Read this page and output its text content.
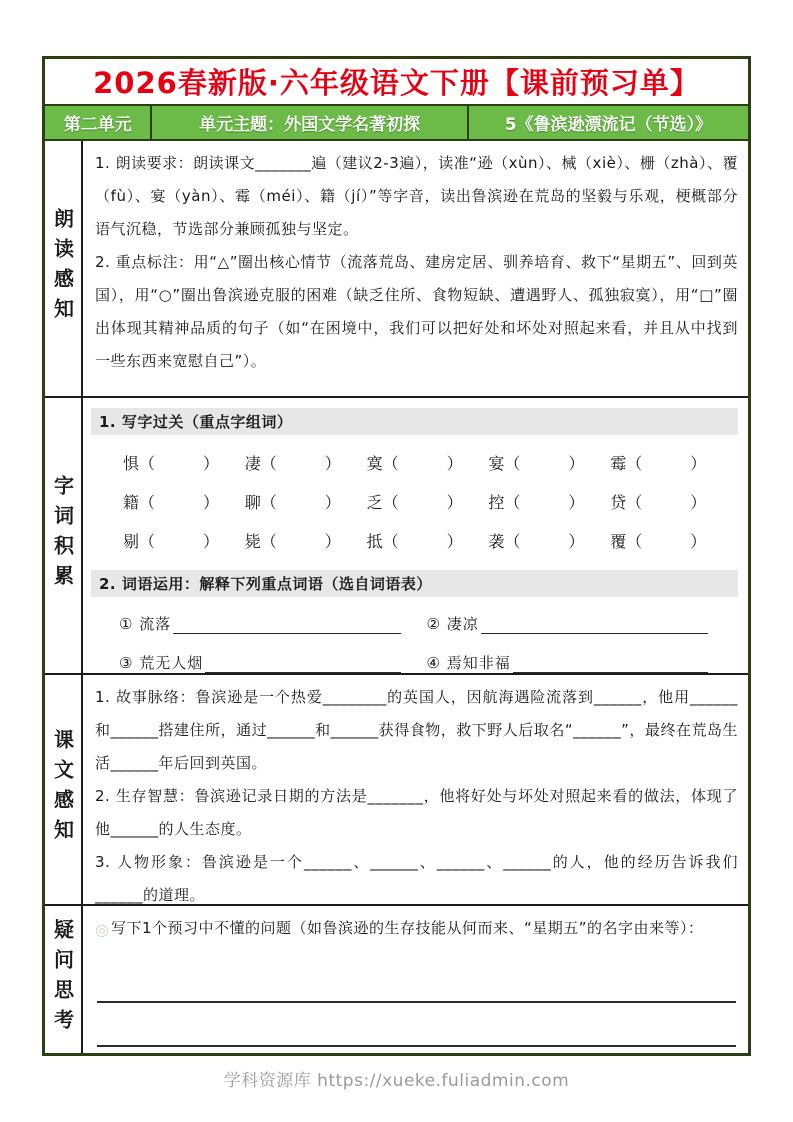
2026春新版·六年级语文下册【课前预习单】
第二单元	单元主题：外国文学名著初探	5《鲁滨逊漂流记（节选）》
朗读感知

1. 朗读要求：朗读课文_______遍（建议2-3遍），读准“逊（xùn）、械（xiè）、栅（zhà）、覆（fù）、宴（yàn）、霉（méi）、籍（jí）”等字音，读出鲁滨逊在荒岛的坚毅与乐观，梗概部分语气沉稳，节选部分兼顾孤独与坚定。

2. 重点标注：用“△”圈出核心情节（流落荒岛、建房定居、驯养培育、救下“星期五”、回到英国），用“○”圈出鲁滨逊克服的困难（缺乏住所、食物短缺、遭遇野人、孤独寂寞），用“□”圈出体现其精神品质的句子（如“在困境中，我们可以把好处和坏处对照起来看，并且从中找到一些东西来宽慰自己”）。

字词积累
1. 写字过关（重点字组词）
惧（　　　）	凄（　　　）	寞（　　　）	宴（　　　）	霉（　　　）
籍（　　　）	聊（　　　）	乏（　　　）	控（　　　）	贷（　　　）
剔（　　　）	毙（　　　）	抵（　　　）	袭（　　　）	覆（　　　）
2. 词语运用：解释下列重点词语（选自词语表）
① 流落	② 凄凉
③ 荒无人烟	④ 焉知非福
课文感知

1. 故事脉络：鲁滨逊是一个热爱________的英国人，因航海遇险流落到______，他用______和______搭建住所，通过______和______获得食物，救下野人后取名“______”，最终在荒岛生活______年后回到英国。

2. 生存智慧：鲁滨逊记录日期的方法是_______，他将好处与坏处对照起来看的做法，体现了他______的人生态度。

3. 人物形象：鲁滨逊是一个______、______、______、______的人，他的经历告诉我们______的道理。

疑问思考	◎ 写下1个预习中不懂的问题（如鲁滨逊的生存技能从何而来、“星期五”的名字由来等）：

学科资源库 https://xueke.fuliadmin.com
